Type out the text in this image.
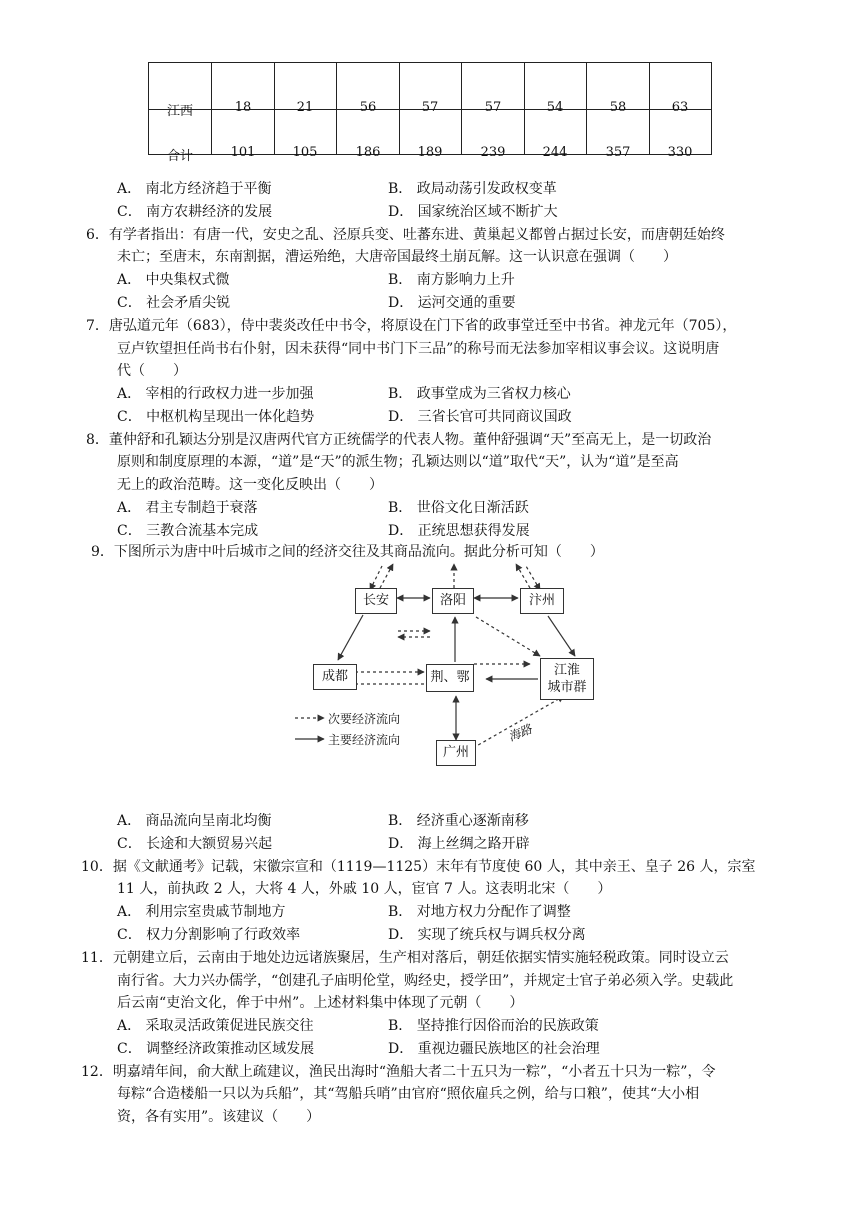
江西	18	21	56	57	57	54	58	63
合计	101	105	186	189	239	244	357	330
A． 南北方经济趋于平衡	B． 政局动荡引发政权变革
C． 南方农耕经济的发展	D． 国家统治区域不断扩大
6．有学者指出：有唐一代，安史之乱、泾原兵变、吐蕃东进、黄巢起义都曾占据过长安，而唐朝廷始终
未亡；至唐末，东南割据，漕运殆绝，大唐帝国最终土崩瓦解。这一认识意在强调（　　）
A． 中央集权式微	B． 南方影响力上升
C． 社会矛盾尖锐	D． 运河交通的重要
7．唐弘道元年（683），侍中裴炎改任中书令，将原设在门下省的政事堂迁至中书省。神龙元年（705），
豆卢钦望担任尚书右仆射，因未获得“同中书门下三品”的称号而无法参加宰相议事会议。这说明唐
代（　　）
A． 宰相的行政权力进一步加强	B． 政事堂成为三省权力核心
C． 中枢机构呈现出一体化趋势	D． 三省长官可共同商议国政
8．董仲舒和孔颖达分别是汉唐两代官方正统儒学的代表人物。董仲舒强调“天”至高无上，是一切政治
原则和制度原理的本源，“道”是“天”的派生物；孔颖达则以“道”取代“天”，认为“道”是至高
无上的政治范畴。这一变化反映出（　　）
A． 君主专制趋于衰落	B． 世俗文化日渐活跃
C． 三教合流基本完成	D． 正统思想获得发展
9．下图所示为唐中叶后城市之间的经济交往及其商品流向。据此分析可知（　　）
长安	洛阳	汴州
成都	荆、鄂	江淮
城市群
广州
海路
次要经济流向
主要经济流向
A． 商品流向呈南北均衡	B． 经济重心逐渐南移
C． 长途和大额贸易兴起	D． 海上丝绸之路开辟
10．据《文献通考》记载，宋徽宗宣和（1119—1125）末年有节度使 60 人，其中亲王、皇子 26 人，宗室
11 人，前执政 2 人，大将 4 人，外戚 10 人，宦官 7 人。这表明北宋（　　）
A． 利用宗室贵戚节制地方	B． 对地方权力分配作了调整
C． 权力分割影响了行政效率	D． 实现了统兵权与调兵权分离
11．元朝建立后，云南由于地处边远诸族聚居，生产相对落后，朝廷依据实情实施轻税政策。同时设立云
南行省。大力兴办儒学，“创建孔子庙明伦堂，购经史，授学田”，并规定士官子弟必须入学。史载此
后云南“吏治文化，侔于中州”。上述材料集中体现了元朝（　　）
A． 采取灵活政策促进民族交往	B． 坚持推行因俗而治的民族政策
C． 调整经济政策推动区域发展	D． 重视边疆民族地区的社会治理
12．明嘉靖年间，俞大猷上疏建议，渔民出海时“渔船大者二十五只为一粽”，“小者五十只为一粽”，令
每粽“合造楼船一只以为兵船”，其“驾船兵哨”由官府“照依雇兵之例，给与口粮”，使其“大小相
资，各有实用”。该建议（　　）
